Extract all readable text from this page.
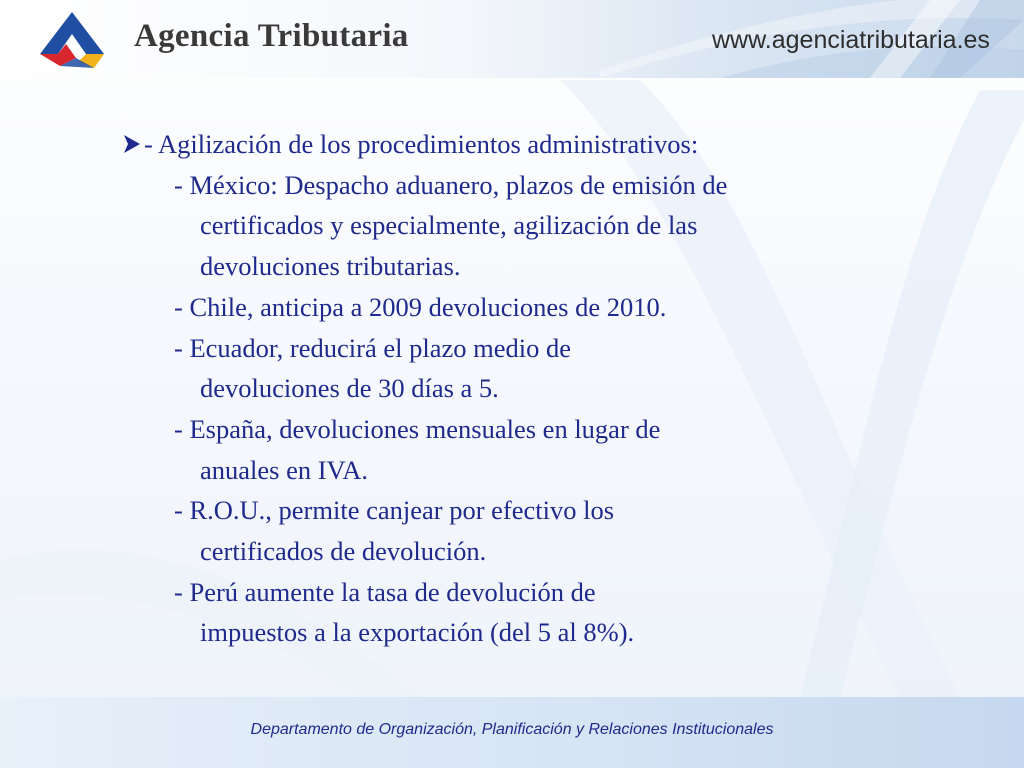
Agencia Tributaria	www.agenciatributaria.es
- Agilización de los procedimientos administrativos:
- México: Despacho aduanero, plazos de emisión de
certificados y especialmente, agilización de las
devoluciones tributarias.
- Chile, anticipa a 2009 devoluciones de 2010.
- Ecuador, reducirá el plazo medio de
devoluciones de 30 días a 5.
- España, devoluciones mensuales en lugar de
anuales en IVA.
- R.O.U., permite canjear por efectivo los
certificados de devolución.
- Perú aumente la tasa de devolución de
impuestos a la exportación (del 5 al 8%).
Departamento de Organización, Planificación y Relaciones Institucionales
